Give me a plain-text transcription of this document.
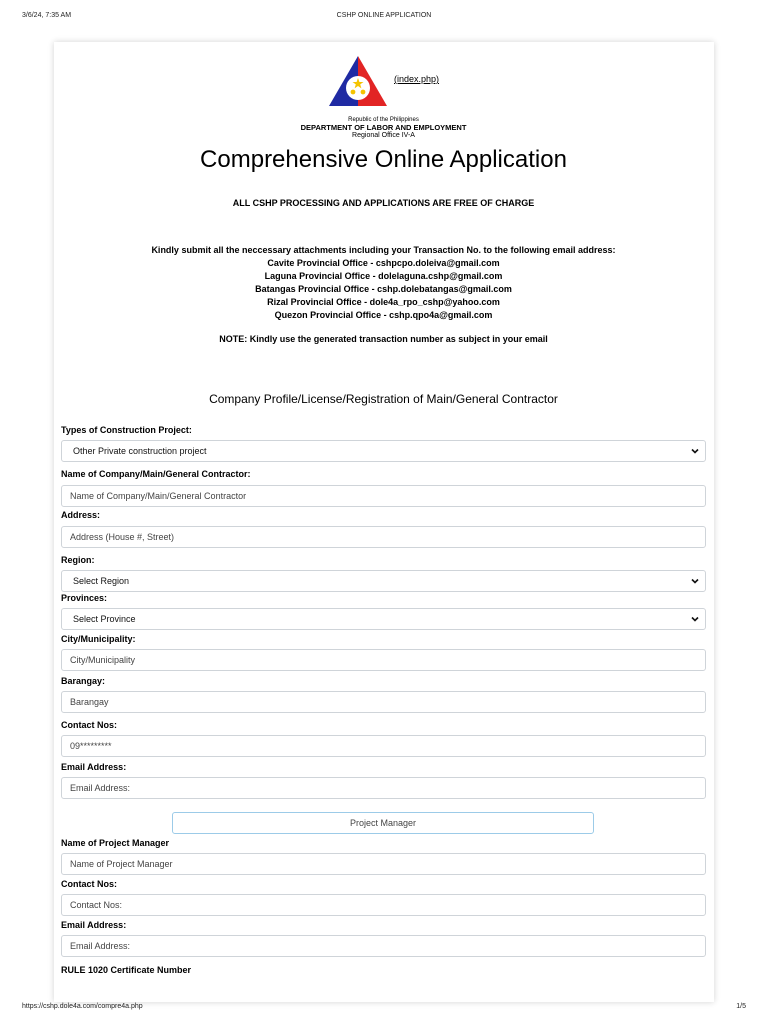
3/6/24, 7:35 AM	CSHP ONLINE APPLICATION
(index.php)
Republic of the Philippines
DEPARTMENT OF LABOR AND EMPLOYMENT
Regional Office IV-A
Comprehensive Online Application
ALL CSHP PROCESSING AND APPLICATIONS ARE FREE OF CHARGE
Kindly submit all the neccessary attachments including your Transaction No. to the following email address:
Cavite Provincial Office - cshpcpo.doleiva@gmail.com
Laguna Provincial Office - dolelaguna.cshp@gmail.com
Batangas Provincial Office - cshp.dolebatangas@gmail.com
Rizal Provincial Office - dole4a_rpo_cshp@yahoo.com
Quezon Provincial Office - cshp.qpo4a@gmail.com
NOTE: Kindly use the generated transaction number as subject in your email
Company Profile/License/Registration of Main/General Contractor
Types of Construction Project:
Other Private construction project
Name of Company/Main/General Contractor:
Name of Company/Main/General Contractor
Address:
Address (House #, Street)
Region:
Select Region
Provinces:
Select Province
City/Municipality:
City/Municipality
Barangay:
Barangay
Contact Nos:
09*********
Email Address:
Email Address:
Project Manager
Name of Project Manager
Name of Project Manager
Contact Nos:
Contact Nos:
Email Address:
Email Address:
RULE 1020 Certificate Number
https://cshp.dole4a.com/compre4a.php	1/5
